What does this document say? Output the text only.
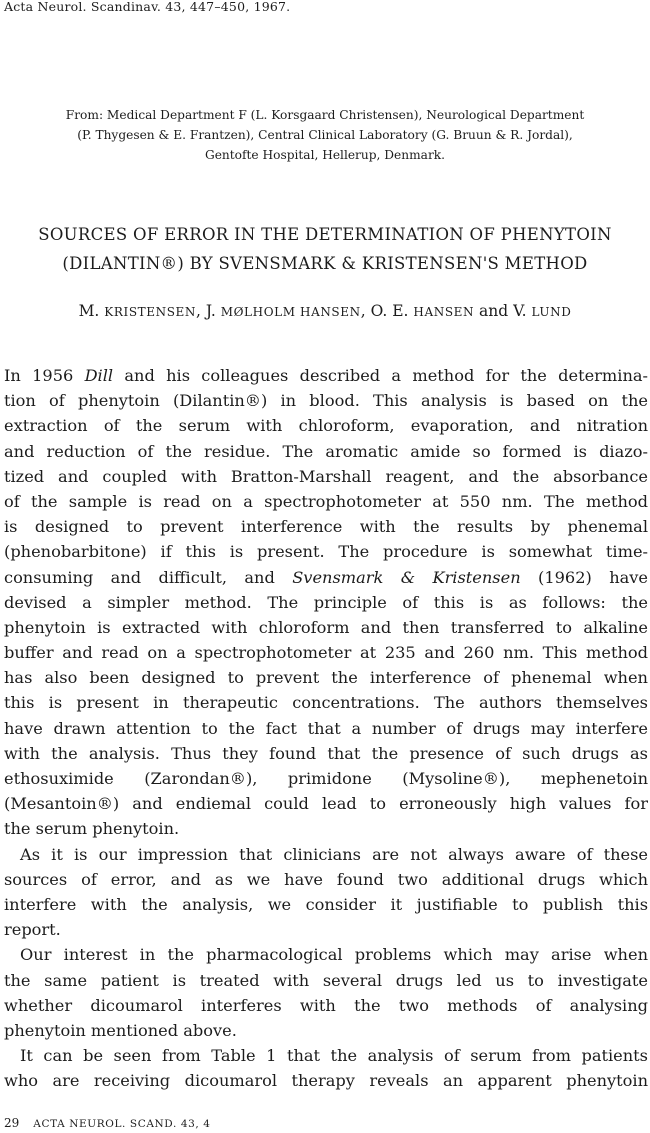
Acta Neurol. Scandinav. 43, 447–450, 1967.
From: Medical Department F (L. Korsgaard Christensen), Neurological Department
(P. Thygesen & E. Frantzen), Central Clinical Laboratory (G. Bruun & R. Jordal),
Gentofte Hospital, Hellerup, Denmark.
SOURCES OF ERROR IN THE DETERMINATION OF PHENYTOIN
(DILANTIN®) BY SVENSMARK & KRISTENSEN'S METHOD
M. KRISTENSEN, J. MØLHOLM HANSEN, O. E. HANSEN and V. LUND
In 1956 Dill and his colleagues described a method for the determina-
tion of phenytoin (Dilantin®) in blood. This analysis is based on the
extraction of the serum with chloroform, evaporation, and nitration
and reduction of the residue. The aromatic amide so formed is diazo-
tized and coupled with Bratton-Marshall reagent, and the absorbance
of the sample is read on a spectrophotometer at 550 nm. The method
is designed to prevent interference with the results by phenemal
(phenobarbitone) if this is present. The procedure is somewhat time-
consuming and difficult, and Svensmark & Kristensen (1962) have
devised a simpler method. The principle of this is as follows: the
phenytoin is extracted with chloroform and then transferred to alkaline
buffer and read on a spectrophotometer at 235 and 260 nm. This method
has also been designed to prevent the interference of phenemal when
this is present in therapeutic concentrations. The authors themselves
have drawn attention to the fact that a number of drugs may interfere
with the analysis. Thus they found that the presence of such drugs as
ethosuximide (Zarondan®), primidone (Mysoline®), mephenetoin
(Mesantoin®) and endiemal could lead to erroneously high values for
the serum phenytoin.
As it is our impression that clinicians are not always aware of these
sources of error, and as we have found two additional drugs which
interfere with the analysis, we consider it justifiable to publish this
report.
Our interest in the pharmacological problems which may arise when
the same patient is treated with several drugs led us to investigate
whether dicoumarol interferes with the two methods of analysing
phenytoin mentioned above.
It can be seen from Table 1 that the analysis of serum from patients
who are receiving dicoumarol therapy reveals an apparent phenytoin
29 ACTA NEUROL. SCAND. 43, 4
